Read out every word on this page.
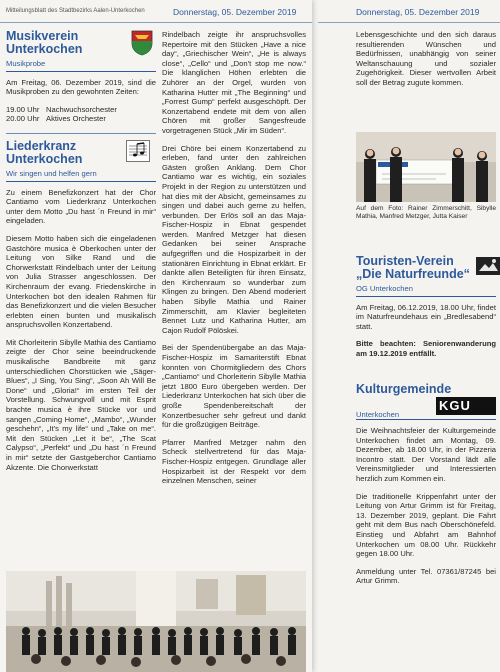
Mitteilungsblatt des Stadtbezirks Aalen-Unterkochen	Donnerstag, 05. Dezember 2019
Musikverein
Unterkochen
Musikprobe

Am Freitag, 06. Dezember 2019, sind die Musikproben zu den gewohnten Zeiten:

19.00 Uhr Nachwuchsorchester
20.00 Uhr Aktives Orchester
Liederkranz
Unterkochen
Wir singen und helfen gern

Zu einem Benefizkonzert hat der Chor Cantiamo vom Liederkranz Unterkochen unter dem Motto „Du hast ´n Freund in mir“ eingeladen.

Diesem Motto haben sich die eingeladenen Gastchöre musica è Oberkochen unter der Leitung von Silke Rand und die Chorwerkstatt Rindelbach unter der Leitung von Julia Strasser angeschlossen. Der Kirchenraum der evang. Friedenskirche in Unterkochen bot den idealen Rahmen für das Benefizkonzert und die vielen Besucher erlebten einen bunten und musikalisch anspruchsvollen Konzertabend.

Mit Chorleiterin Sibylle Mathia des Cantiamo zeigte der Chor seine beeindruckende musikalische Bandbreite mit ganz unterschiedlichen Chorstücken wie „Säger-Blues“, „I Sing, You Sing“, „Soon Ah Will Be Done“ und „Gloria!“ im ersten Teil der Vorstellung. Schwungvoll und mit Esprit brachte musica è ihre Stücke vor und sangen „Coming Home“, „Mambo“, „Wunder geschehn“, „It's my life“ und „Take on me“. Mit den Stücken „Let it be“, „The Scat Calypso“, „Perfekt“ und „Du hast ´n Freund in mir“ setzte der Gastgeberchor Cantiamo Akzente. Die Chorwerkstatt

Rindelbach zeigte ihr anspruchsvolles Repertoire mit den Stücken „Have a nice day“, „Griechischer Wein“, „He is always close“, „Cello“ und „Don't stop me now.“ Die klanglichen Höhen erlebten die Zuhörer an der Orgel, wurden von Katharina Hutter mit „The Beginning“ und „Forrest Gump“ perfekt ausgeschöpft. Der Konzertabend endete mit dem von allen Chören mit großer Sangesfreude vorgetragenen Stück „Mir im Süden“.

Drei Chöre bei einem Konzertabend zu erleben, fand unter den zahlreichen Gästen großen Anklang. Dem Chor Cantiamo war es wichtig, ein soziales Projekt in der Region zu unterstützen und hat dies mit der Absicht, gemeinsames zu singen und dabei auch gerne zu helfen, verbunden. Der Erlös soll an das Maja-Fischer-Hospiz in Ebnat gespendet werden. Manfred Metzger hat diesen Gedanken bei seiner Ansprache aufgegriffen und die Hospizarbeit in der stationären Einrichtung in Ebnat erklärt. Er dankte allen Beteiligten für ihren Einsatz, den Kirchenraum so wunderbar zum Klingen zu bringen. Den Abend moderiert haben Sibylle Mathia und Rainer Zimmerschitt, am Klavier begleiteten Bennet Lutz und Katharina Hutter, am Cajon Rudolf Pölöskei.

Bei der Spendenübergabe an das Maja-Fischer-Hospiz im Samariterstift Ebnat konnten von Chormitgliedern des Chors „Cantiamo“ und Chorleiterin Sibylle Mathia jetzt 1800 Euro übergeben werden. Der Liederkranz Unterkochen hat sich über die große Spendenbereitschaft der Konzertbesucher sehr gefreut und dankt für die großzügigen Beiträge.

Pfarrer Manfred Metzger nahm den Scheck stellvertretend für das Maja-Fischer-Hospiz entgegen. Grundlage aller Hospizarbeit ist der Respekt vor dem einzelnen Menschen, seiner

Donnerstag, 05. Dezember 2019

Lebensgeschichte und den sich daraus resultierenden Wünschen und Bedürfnissen, unabhängig von seiner Weltanschauung und sozialer Zugehörigkeit. Dieser wertvollen Arbeit soll der Betrag zugute kommen.

Auf dem Foto: Rainer Zimmerschitt, Sibylle Mathia, Manfred Metzger, Jutta Kaiser
Touristen-Verein
„Die Naturfreunde“
OG Unterkochen

Am Freitag, 06.12.2019, 18.00 Uhr, findet im Naturfreundehaus ein „Bredlesabend“ statt.

Bitte beachten: Seniorenwanderung am 19.12.2019 entfällt.

Kulturgemeinde
Unterkochen
KGU

Die Weihnachtsfeier der Kulturgemeinde Unterkochen findet am Montag, 09. Dezember, ab 18.00 Uhr, in der Pizzeria Incontro statt. Der Vorstand lädt alle Vereinsmitglieder und Interessierten herzlich zum Kommen ein.

Die traditionelle Krippenfahrt unter der Leitung von Artur Grimm ist für Freitag, 13. Dezember 2019, geplant. Die Fahrt geht mit dem Bus nach Oberschönefeld. Einstieg und Abfahrt am Bahnhof Unterkochen um 08.00 Uhr. Rückkehr gegen 18.00 Uhr.

Anmeldung unter Tel. 07361/87245 bei Artur Grimm.
